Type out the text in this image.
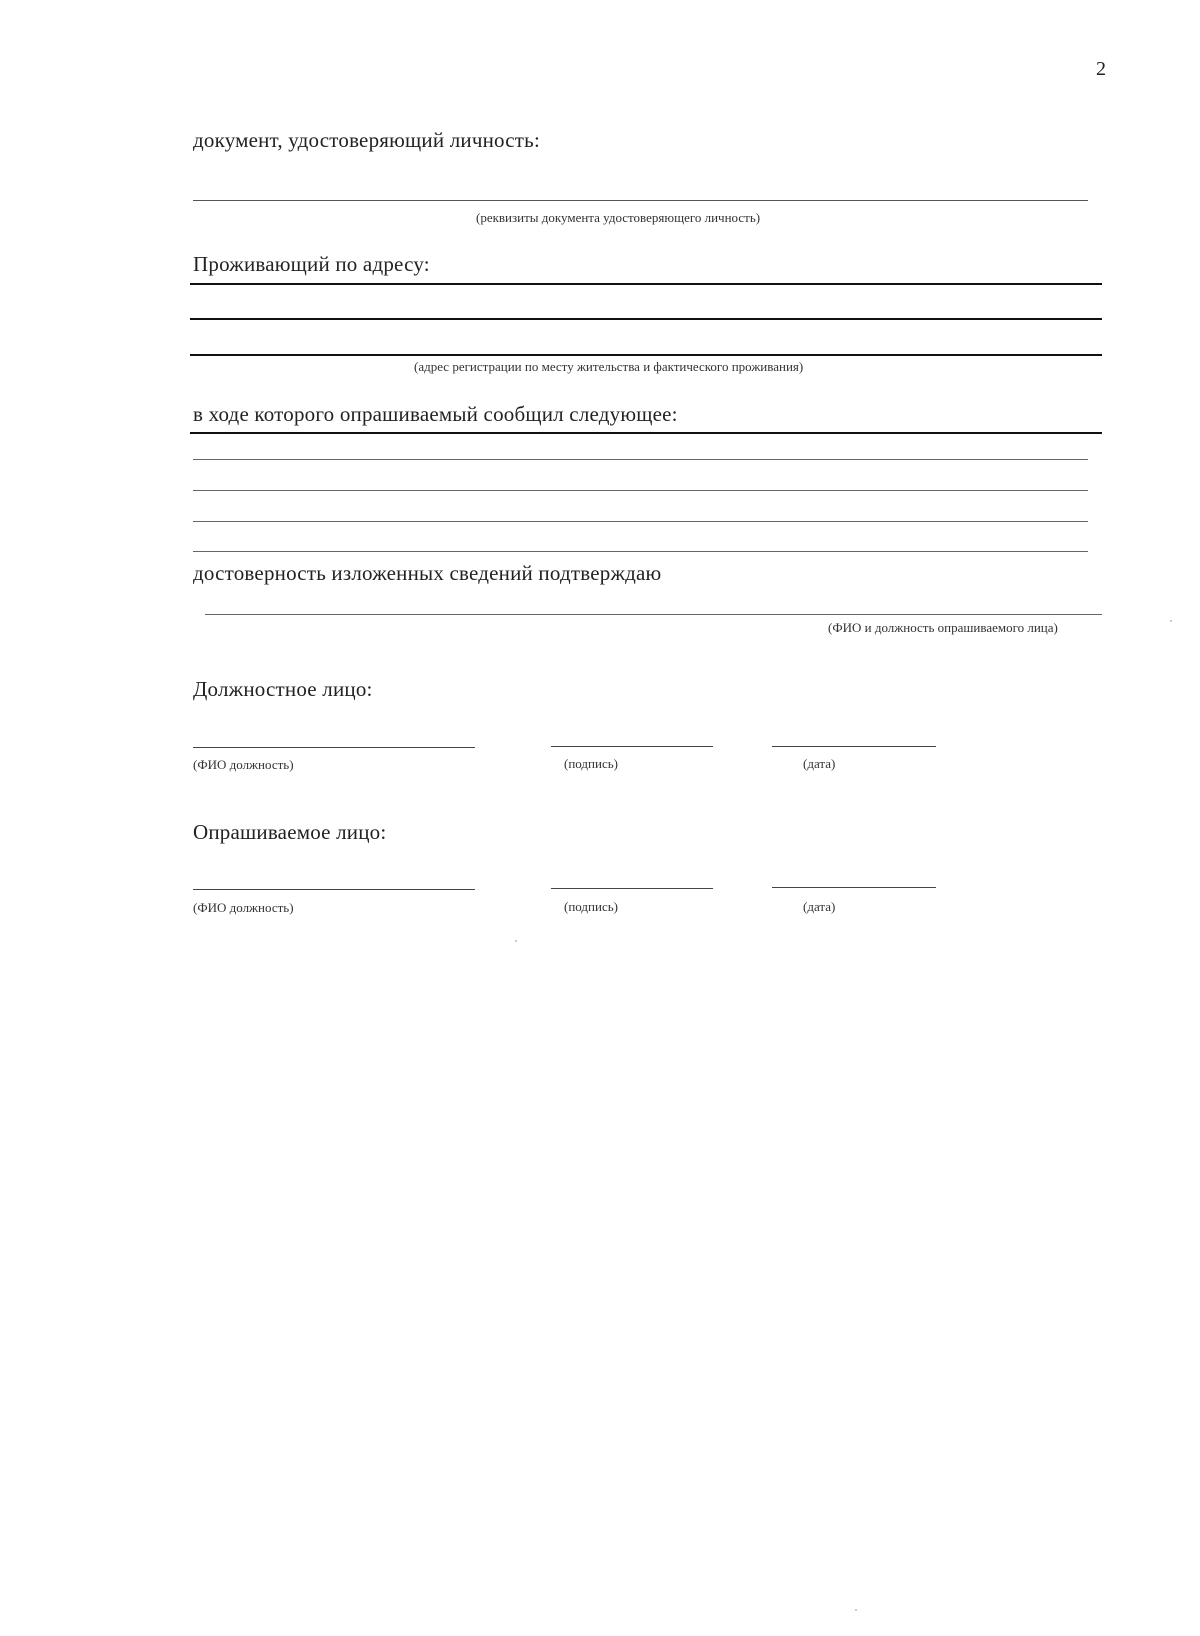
2
документ, удостоверяющий личность:
(реквизиты документа удостоверяющего личность)
Проживающий по адресу:
(адрес регистрации по месту жительства и фактического проживания)
в ходе которого опрашиваемый сообщил следующее:
достоверность изложенных сведений подтверждаю
(ФИО и должность опрашиваемого лица)
Должностное лицо:
(ФИО должность)	(подпись)	(дата)
Опрашиваемое лицо:
(ФИО должность)	(подпись)	(дата)
